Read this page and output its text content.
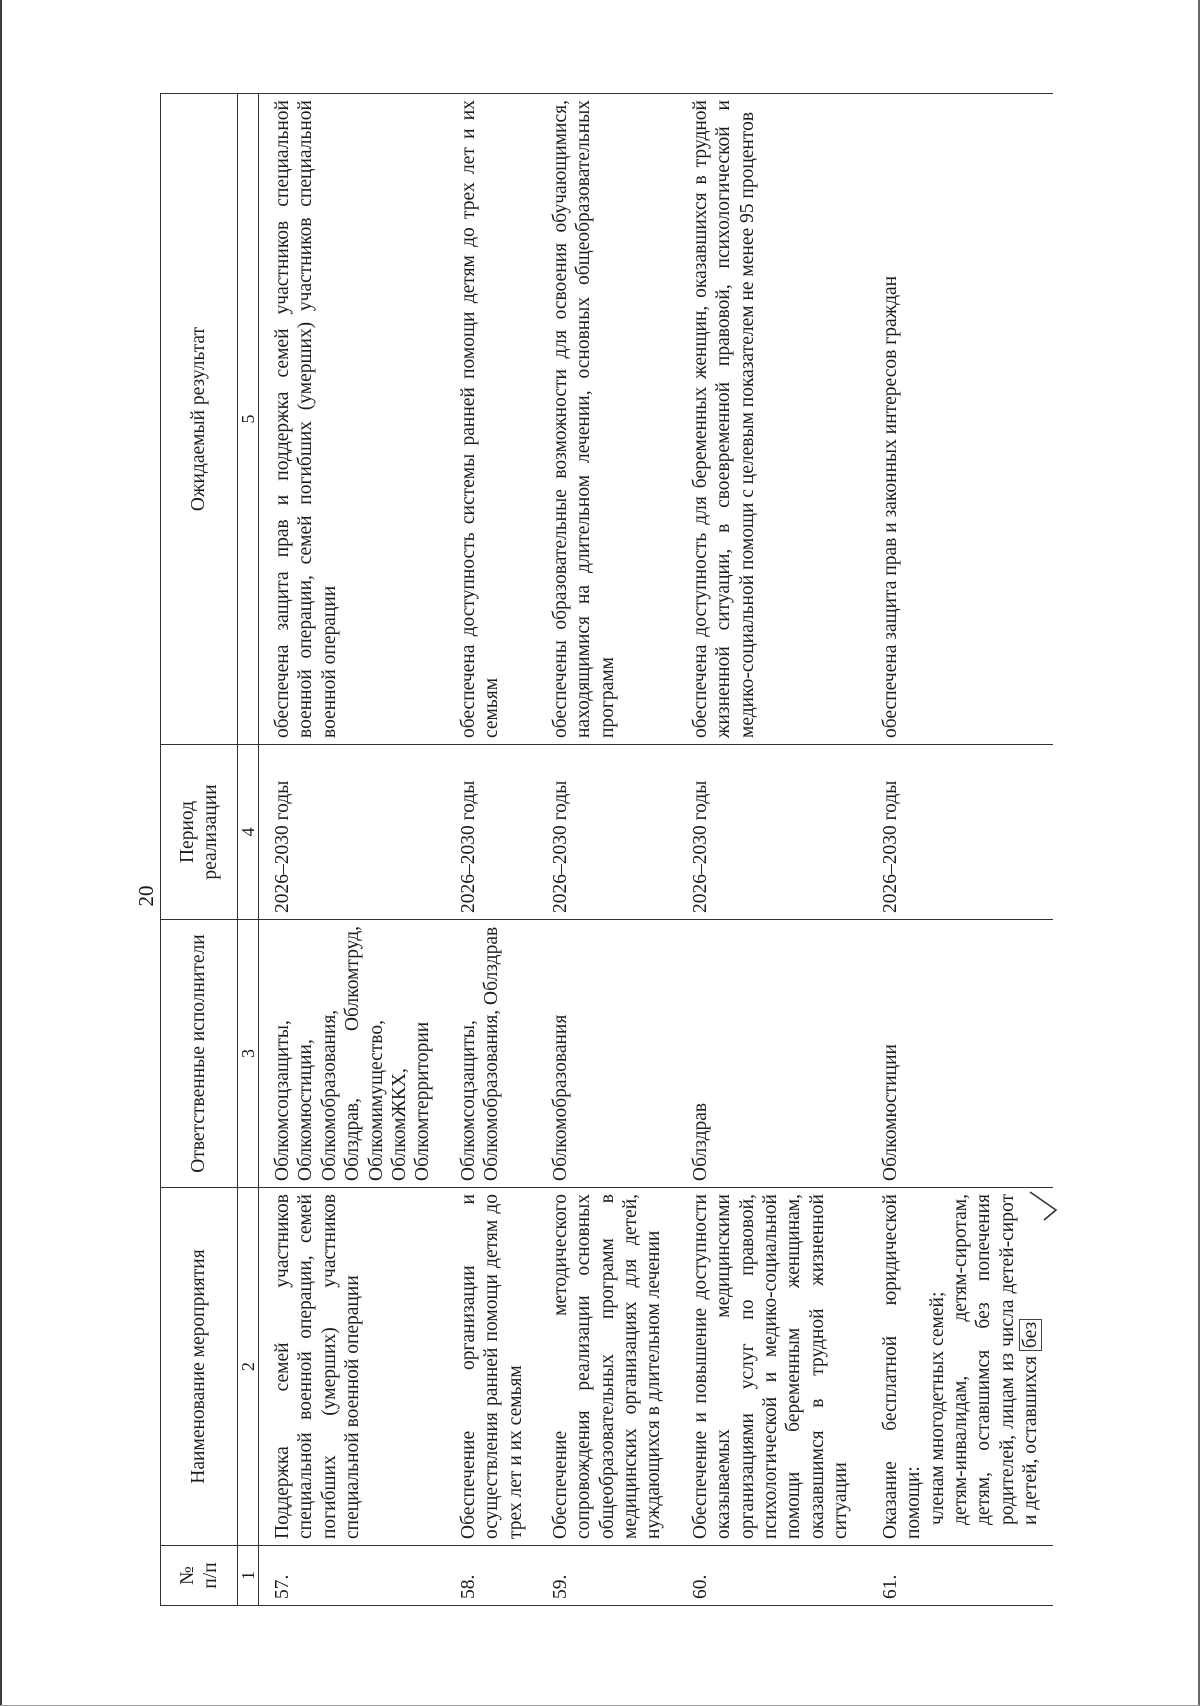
20
№
п/п	Наименование мероприятия	Ответственные исполнители	Период реализации	Ожидаемый результат
1	2	3	4	5
57.	Поддержка семей участников специальной военной операции, семей погибших (умерших) участников специальной военной операции	Облкомсоцзащиты, Облкомюстиции, Облкомобразования, Облздрав, Облкомтруд, Облкомимущество, ОблкомЖКХ, Облкомтерритории	2026–2030 годы	обеспечена защита прав и поддержка семей участников специальной военной операции, семей погибших (умерших) участников специальной военной операции
58.	Обеспечение организации и осуществления ранней помощи детям до трех лет и их семьям	Облкомсоцзащиты, Облкомобразования, Облздрав	2026–2030 годы	обеспечена доступность системы ранней помощи детям до трех лет и их семьям
59.	Обеспечение методического сопровождения реализации основных общеобразовательных программ в медицинских организациях для детей, нуждающихся в длительном лечении	Облкомобразования	2026–2030 годы	обеспечены образовательные возможности для освоения обучающимися, находящимися на длительном лечении, основных общеобразовательных программ
60.	Обеспечение и повышение доступности оказываемых медицинскими организациями услуг по правовой, психологической и медико-социальной помощи беременным женщинам, оказавшимся в трудной жизненной ситуации	Облздрав	2026–2030 годы	обеспечена доступность для беременных женщин, оказавшихся в трудной жизненной ситуации, в своевременной правовой, психологической и медико-социальной помощи с целевым показателем не менее 95 процентов
61.	Оказание бесплатной юридической помощи: членам многодетных семей; детям-инвалидам, детям-сиротам, детям, оставшимся без попечения родителей, лицам из числа детей-сирот и детей, оставшихся без	Облкомюстиции	2026–2030 годы	обеспечена защита прав и законных интересов граждан
